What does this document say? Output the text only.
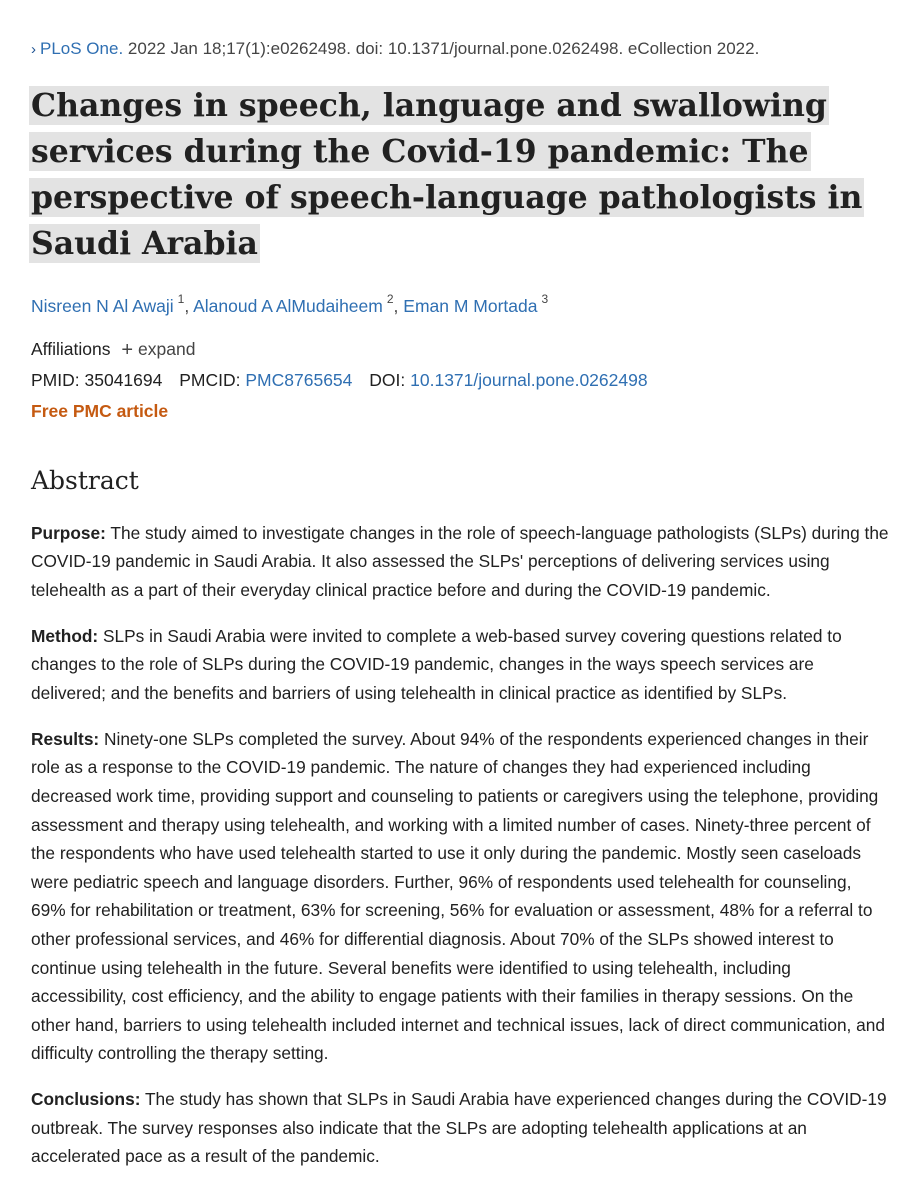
› PLoS One. 2022 Jan 18;17(1):e0262498. doi: 10.1371/journal.pone.0262498. eCollection 2022.
Changes in speech, language and swallowing services during the Covid-19 pandemic: The perspective of speech-language pathologists in Saudi Arabia
Nisreen N Al Awaji $^1$, Alanoud A AlMudaiheem $^2$, Eman M Mortada $^3$
Affiliations + expand
PMID: 35041694 PMCID: PMC8765654 DOI: 10.1371/journal.pone.0262498
Free PMC article
Abstract

Purpose: The study aimed to investigate changes in the role of speech-language pathologists (SLPs) during the COVID-19 pandemic in Saudi Arabia. It also assessed the SLPs' perceptions of delivering services using telehealth as a part of their everyday clinical practice before and during the COVID-19 pandemic.

Method: SLPs in Saudi Arabia were invited to complete a web-based survey covering questions related to changes to the role of SLPs during the COVID-19 pandemic, changes in the ways speech services are delivered; and the benefits and barriers of using telehealth in clinical practice as identified by SLPs.

Results: Ninety-one SLPs completed the survey. About 94% of the respondents experienced changes in their role as a response to the COVID-19 pandemic. The nature of changes they had experienced including decreased work time, providing support and counseling to patients or caregivers using the telephone, providing assessment and therapy using telehealth, and working with a limited number of cases. Ninety-three percent of the respondents who have used telehealth started to use it only during the pandemic. Mostly seen caseloads were pediatric speech and language disorders. Further, 96% of respondents used telehealth for counseling, 69% for rehabilitation or treatment, 63% for screening, 56% for evaluation or assessment, 48% for a referral to other professional services, and 46% for differential diagnosis. About 70% of the SLPs showed interest to continue using telehealth in the future. Several benefits were identified to using telehealth, including accessibility, cost efficiency, and the ability to engage patients with their families in therapy sessions. On the other hand, barriers to using telehealth included internet and technical issues, lack of direct communication, and difficulty controlling the therapy setting.

Conclusions: The study has shown that SLPs in Saudi Arabia have experienced changes during the COVID-19 outbreak. The survey responses also indicate that the SLPs are adopting telehealth applications at an accelerated pace as a result of the pandemic.
